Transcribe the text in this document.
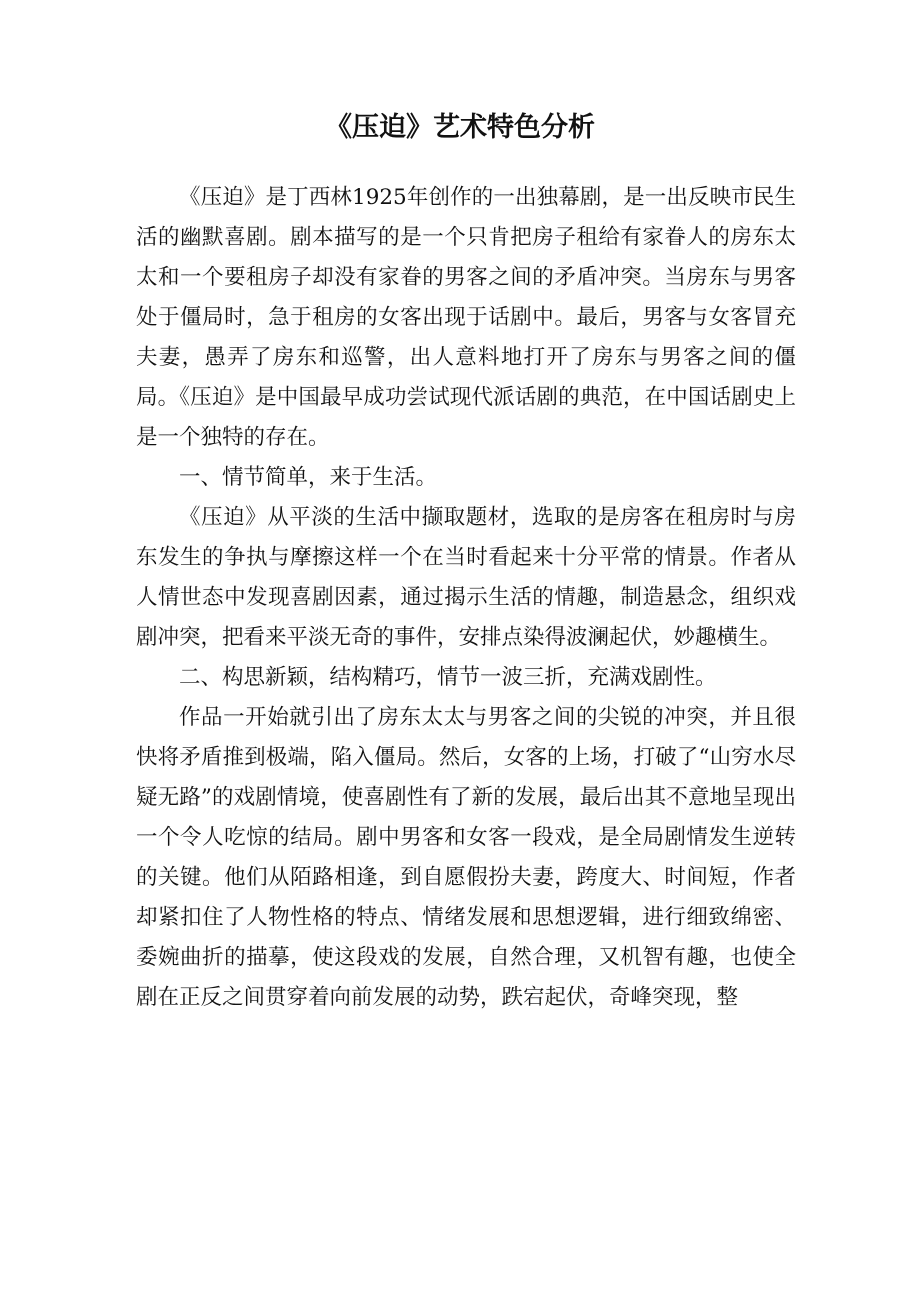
《压迫》艺术特色分析

《压迫》是丁西林1925年创作的一出独幕剧，是一出反映市民生活的幽默喜剧。剧本描写的是一个只肯把房子租给有家眷人的房东太太和一个要租房子却没有家眷的男客之间的矛盾冲突。当房东与男客处于僵局时，急于租房的女客出现于话剧中。最后，男客与女客冒充夫妻，愚弄了房东和巡警，出人意料地打开了房东与男客之间的僵局。《压迫》是中国最早成功尝试现代派话剧的典范，在中国话剧史上是一个独特的存在。

一、情节简单，来于生活。

《压迫》从平淡的生活中撷取题材，选取的是房客在租房时与房东发生的争执与摩擦这样一个在当时看起来十分平常的情景。作者从人情世态中发现喜剧因素，通过揭示生活的情趣，制造悬念，组织戏剧冲突，把看来平淡无奇的事件，安排点染得波澜起伏，妙趣横生。

二、构思新颖，结构精巧，情节一波三折，充满戏剧性。

作品一开始就引出了房东太太与男客之间的尖锐的冲突，并且很快将矛盾推到极端，陷入僵局。然后，女客的上场，打破了“山穷水尽疑无路”的戏剧情境，使喜剧性有了新的发展，最后出其不意地呈现出一个令人吃惊的结局。剧中男客和女客一段戏，是全局剧情发生逆转的关键。他们从陌路相逢，到自愿假扮夫妻，跨度大、时间短，作者却紧扣住了人物性格的特点、情绪发展和思想逻辑，进行细致绵密、委婉曲折的描摹，使这段戏的发展，自然合理，又机智有趣，也使全剧在正反之间贯穿着向前发展的动势，跌宕起伏，奇峰突现，整
